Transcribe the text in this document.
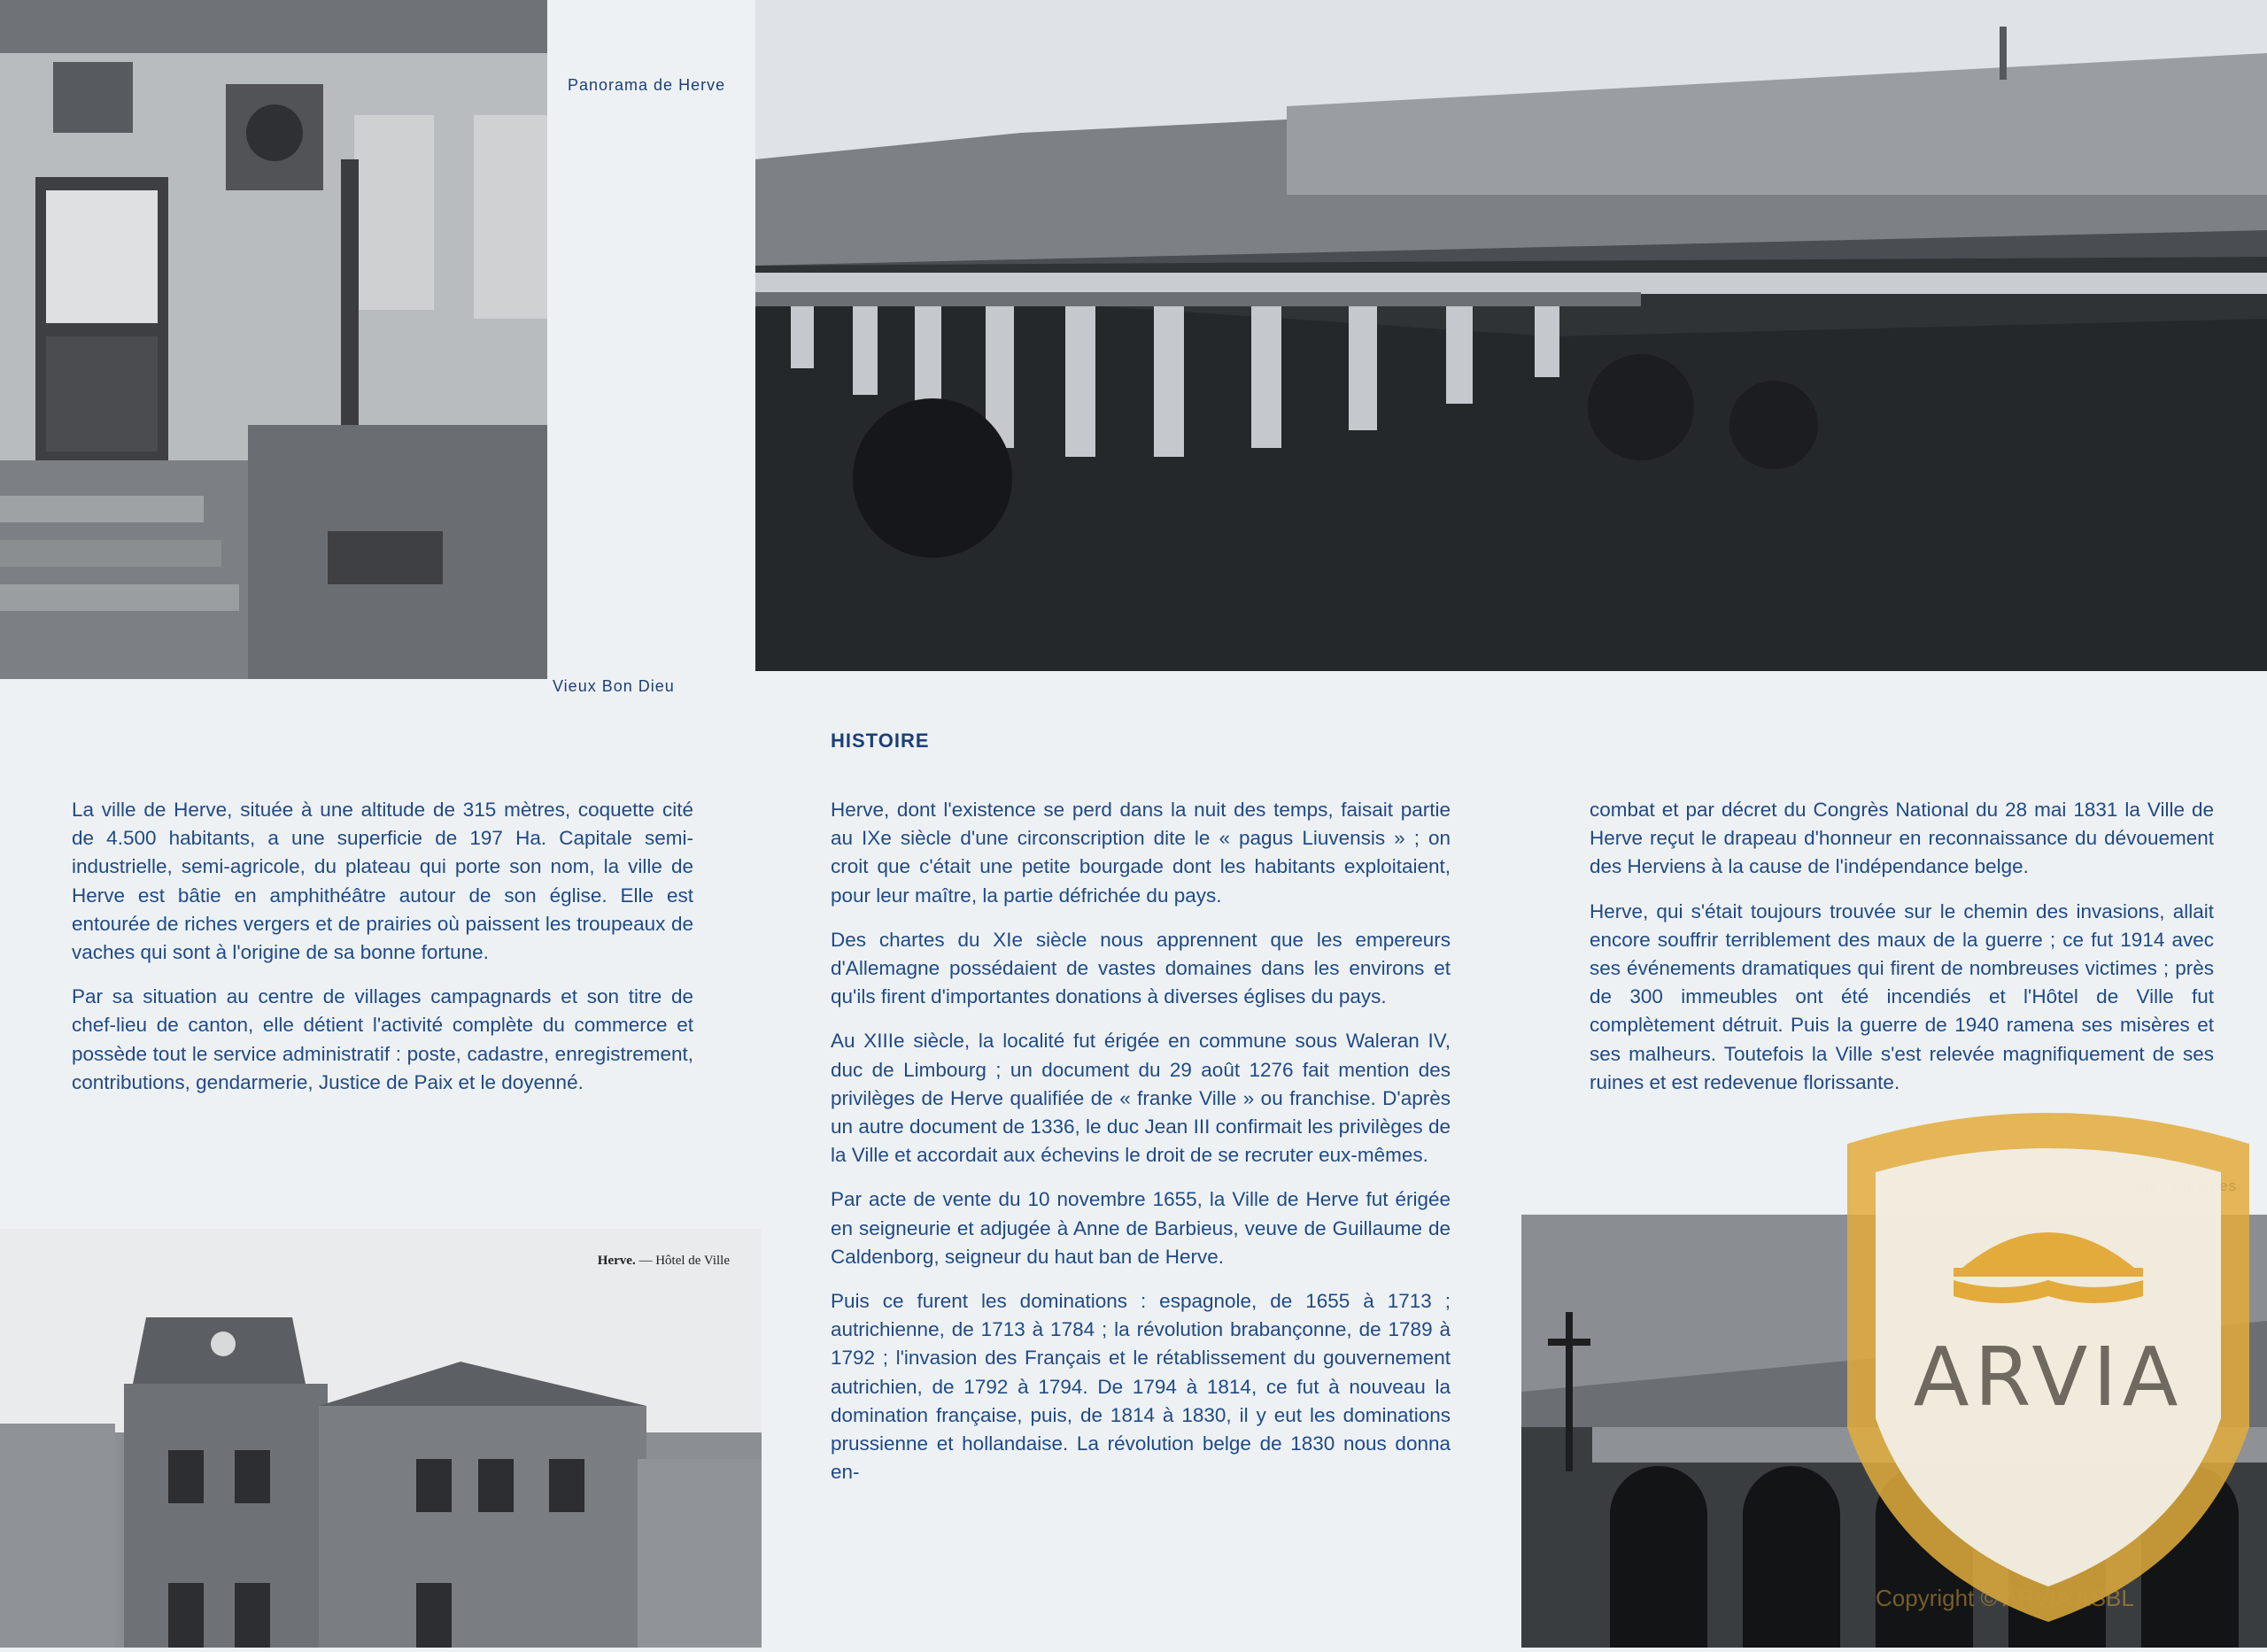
Vieux Bon Dieu
Panorama de Herve

La ville de Herve, située à une altitude de 315 mètres, coquette cité de 4.500 habitants, a une superficie de 197 Ha. Capitale semi-industrielle, semi-agricole, du plateau qui porte son nom, la ville de Herve est bâtie en amphithéâtre autour de son église. Elle est entourée de riches vergers et de prairies où paissent les troupeaux de vaches qui sont à l'origine de sa bonne fortune.

Par sa situation au centre de villages campagnards et son titre de chef-lieu de canton, elle détient l'activité complète du commerce et possède tout le service administratif : poste, cadastre, enregistrement, contributions, gendarmerie, Justice de Paix et le doyenné.

Herve. — Hôtel de Ville
HISTOIRE

Herve, dont l'existence se perd dans la nuit des temps, faisait partie au IXe siècle d'une circonscription dite le « pagus Liuvensis » ; on croit que c'était une petite bourgade dont les habitants exploitaient, pour leur maître, la partie défrichée du pays.

Des chartes du XIe siècle nous apprennent que les empereurs d'Allemagne possédaient de vastes domaines dans les environs et qu'ils firent d'importantes donations à diverses églises du pays.

Au XIIIe siècle, la localité fut érigée en commune sous Waleran IV, duc de Limbourg ; un document du 29 août 1276 fait mention des privilèges de Herve qualifiée de « franke Ville » ou franchise. D'après un autre document de 1336, le duc Jean III confirmait les privilèges de la Ville et accordait aux échevins le droit de se recruter eux-mêmes.

Par acte de vente du 10 novembre 1655, la Ville de Herve fut érigée en seigneurie et adjugée à Anne de Barbieus, veuve de Guillaume de Caldenborg, seigneur du haut ban de Herve.

Puis ce furent les dominations : espagnole, de 1655 à 1713 ; autrichienne, de 1713 à 1784 ; la révolution brabançonne, de 1789 à 1792 ; l'invasion des Français et le rétablissement du gouvernement autrichien, de 1792 à 1794. De 1794 à 1814, ce fut à nouveau la domination française, puis, de 1814 à 1830, il y eut les dominations prussienne et hollandaise. La révolution belge de 1830 nous donna en-

combat et par décret du Congrès National du 28 mai 1831 la Ville de Herve reçut le drapeau d'honneur en reconnaissance du dévouement des Herviens à la cause de l'indépendance belge.

Herve, qui s'était toujours trouvée sur le chemin des invasions, allait encore souffrir terriblement des maux de la guerre ; ce fut 1914 avec ses événements dramatiques qui firent de nombreuses victimes ; près de 300 immeubles ont été incendiés et l'Hôtel de Ville fut complètement détruit. Puis la guerre de 1940 ramena ses misères et ses malheurs. Toutefois la Ville s'est relevée magnifiquement de ses ruines et est redevenue florissante.

ARVIA
Copyright © ARVIA ASBL
